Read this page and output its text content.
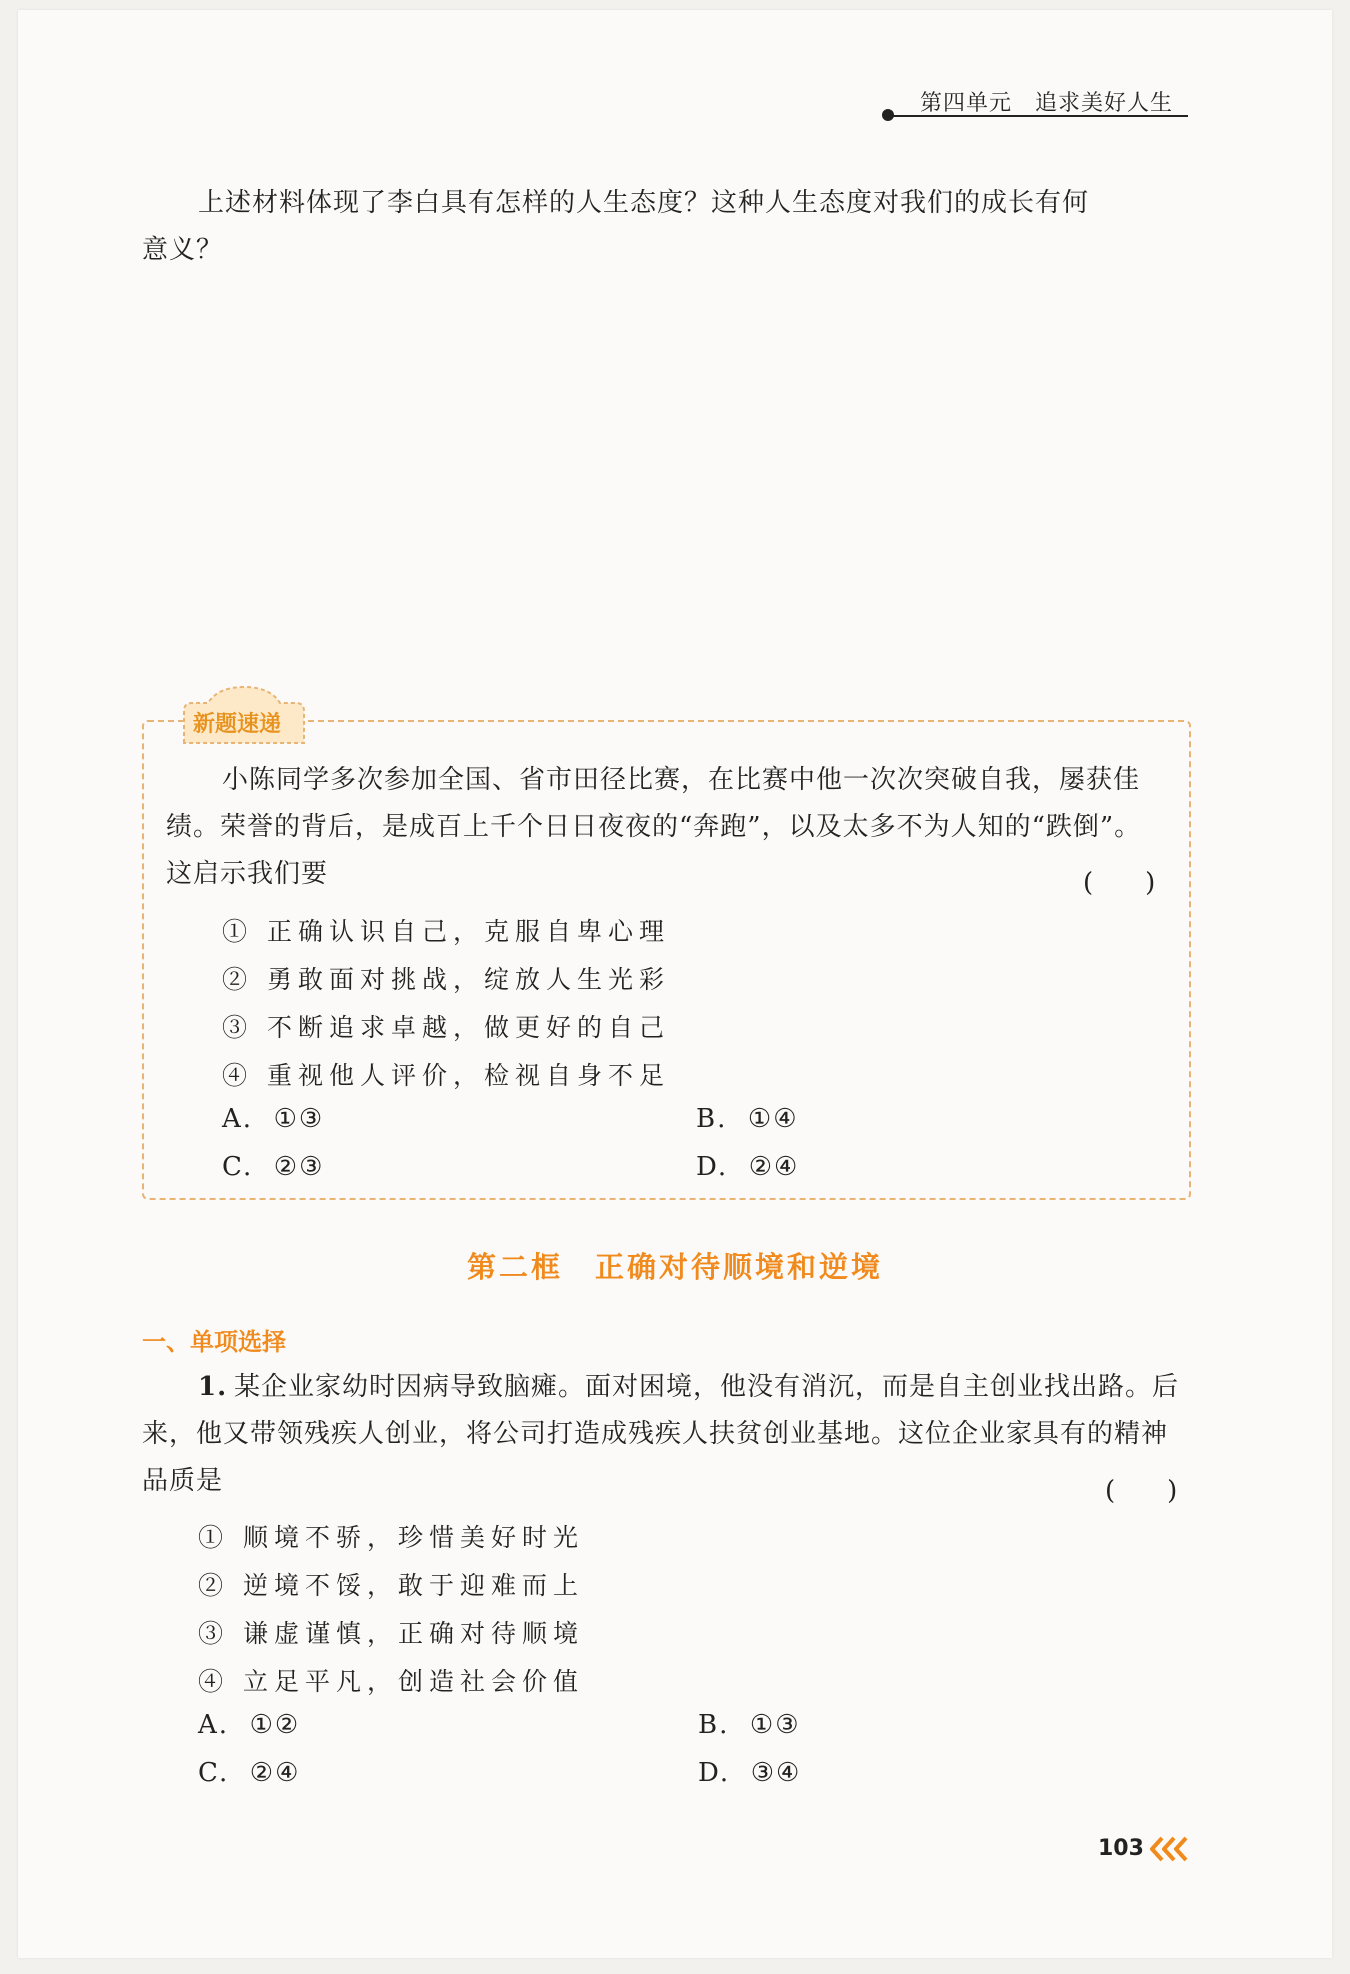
第四单元　追求美好人生
上述材料体现了李白具有怎样的人生态度？这种人生态度对我们的成长有何
意义？
新题速递
小陈同学多次参加全国、省市田径比赛，在比赛中他一次次突破自我，屡获佳
绩。荣誉的背后，是成百上千个日日夜夜的“奔跑”，以及太多不为人知的“跌倒”。
这启示我们要	(　　)
① 正确认识自己，克服自卑心理
② 勇敢面对挑战，绽放人生光彩
③ 不断追求卓越，做更好的自己
④ 重视他人评价，检视自身不足
A.  ①③	B.  ①④
C.  ②③	D.  ②④
第二框　正确对待顺境和逆境
一、单项选择
1. 某企业家幼时因病导致脑瘫。面对困境，他没有消沉，而是自主创业找出路。后
来，他又带领残疾人创业，将公司打造成残疾人扶贫创业基地。这位企业家具有的精神
品质是	(　　)
① 顺境不骄，珍惜美好时光
② 逆境不馁，敢于迎难而上
③ 谦虚谨慎，正确对待顺境
④ 立足平凡，创造社会价值
A.  ①②	B.  ①③
C.  ②④	D.  ③④
103
